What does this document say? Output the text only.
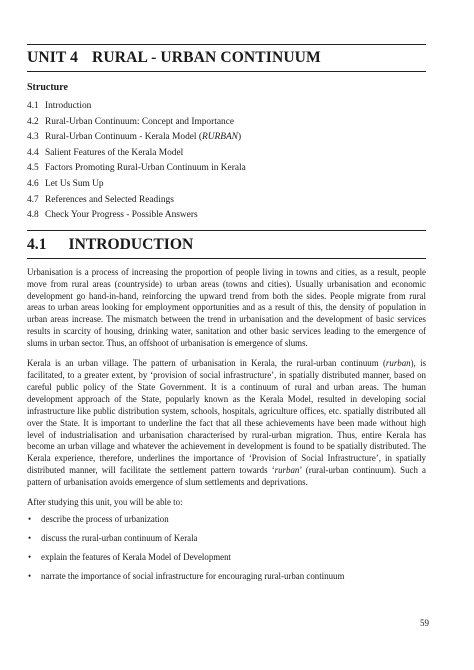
UNIT 4 RURAL - URBAN CONTINUUM
Structure
4.1 Introduction
4.2 Rural-Urban Continuum: Concept and Importance
4.3 Rural-Urban Continuum - Kerala Model (RURBAN)
4.4 Salient Features of the Kerala Model
4.5 Factors Promoting Rural-Urban Continuum in Kerala
4.6 Let Us Sum Up
4.7 References and Selected Readings
4.8 Check Your Progress - Possible Answers
4.1 INTRODUCTION

Urbanisation is a process of increasing the proportion of people living in towns and cities, as a result, people move from rural areas (countryside) to urban areas (towns and cities). Usually urbanisation and economic development go hand-in-hand, reinforcing the upward trend from both the sides. People migrate from rural areas to urban areas looking for employment opportunities and as a result of this, the density of population in urban areas increase. The mismatch between the trend in urbanisation and the development of basic services results in scarcity of housing, drinking water, sanitation and other basic services leading to the emergence of slums in urban sector. Thus, an offshoot of urbanisation is emergence of slums.

Kerala is an urban village. The pattern of urbanisation in Kerala, the rural-urban continuum (rurban), is facilitated, to a greater extent, by ‘provision of social infrastructure’, in spatially distributed manner, based on careful public policy of the State Government. It is a continuum of rural and urban areas. The human development approach of the State, popularly known as the Kerala Model, resulted in developing social infrastructure like public distribution system, schools, hospitals, agriculture offices, etc. spatially distributed all over the State. It is important to underline the fact that all these achievements have been made without high level of industrialisation and urbanisation characterised by rural-urban migration. Thus, entire Kerala has become an urban village and whatever the achievement in development is found to be spatially distributed. The Kerala experience, therefore, underlines the importance of ‘Provision of Social Infrastructure’, in spatially distributed manner, will facilitate the settlement pattern towards ‘rurban’ (rural-urban continuum). Such a pattern of urbanisation avoids emergence of slum settlements and deprivations.

After studying this unit, you will be able to:

• describe the process of urbanization
• discuss the rural-urban continuum of Kerala
• explain the features of Kerala Model of Development
• narrate the importance of social infrastructure for encouraging rural-urban continuum
59
